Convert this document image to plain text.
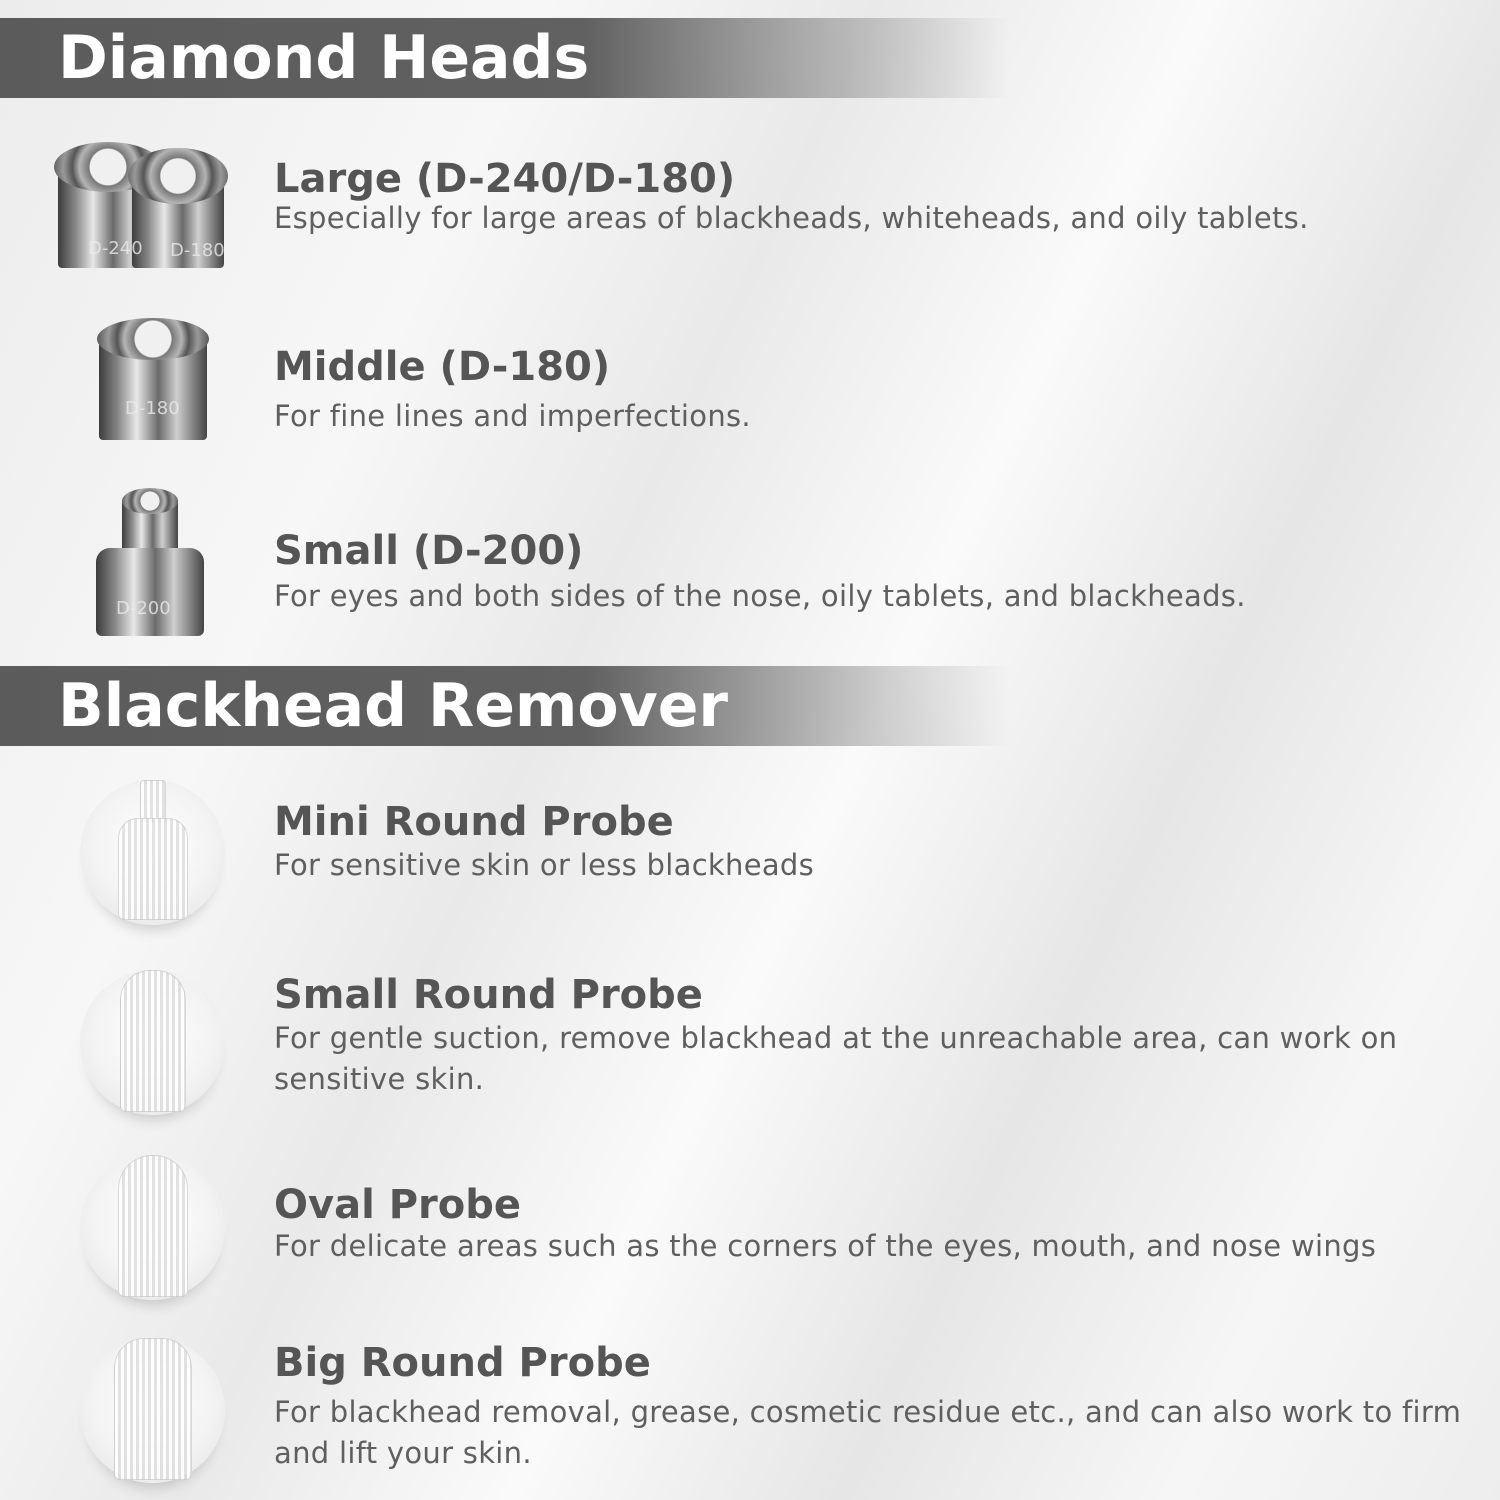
Diamond Heads
D-240 D-180
Large (D-240/D-180)

Especially for large areas of blackheads, whiteheads, and oily tablets.

D-180
Middle (D-180)

For fine lines and imperfections.

D-200
Small (D-200)

For eyes and both sides of the nose, oily tablets, and blackheads.

Blackhead Remover
Mini Round Probe

For sensitive skin or less blackheads

Small Round Probe

For gentle suction, remove blackhead at the unreachable area, can work on sensitive skin.

Oval Probe

For delicate areas such as the corners of the eyes, mouth, and nose wings

Big Round Probe

For blackhead removal, grease, cosmetic residue etc., and can also work to firm and lift your skin.
